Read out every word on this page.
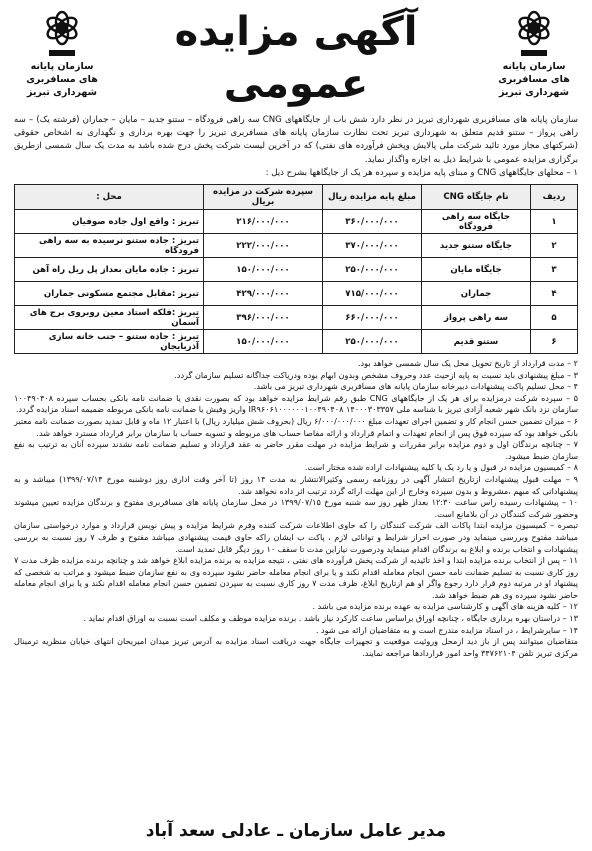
سازمان پایانه های مسافربری شهرداری تبریز
آگهی مزایده عمومی
سازمان پایانه های مسافربری شهرداری تبریز
سازمان پایانه های مسافربری شهرداری تبریز در نظر دارد شش باب از جایگاههای CNG سه راهی فرودگاه – ستنو جدید – مایان – جماران (فرشته یک) – سه راهی پرواز – ستنو قدیم متعلق به شهرداری تبریز تحت نظارت سازمان پایانه های مسافربری تبریز را جهت بهره برداری و نگهداری به اشخاص حقوقی (شرکتهای مجاز مورد تائید شرکت ملی پالایش وپخش فرآورده های نفتی) که در آخرین لیست شرکت پخش درج شده باشد به مدت یک سال شمسی ازطریق برگزاری مزایده عمومی با شرایط ذیل به اجاره واگذار نماید.
۱ – محلهای جایگاههای CNG و مبنای پایه مزایده و سپرده هر یک از جایگاهها بشرح ذیل :
ردیف	نام جایگاه CNG	مبلغ پایه مزایده ریال	سپرده شرکت در مزایده بریال	محل :
۱	جایگاه سه راهی فرودگاه	۳۶۰/۰۰۰/۰۰۰	۲۱۶/۰۰۰/۰۰۰	تبریز : واقع اول جاده صوفیان
۲	جایگاه ستنو جدید	۳۷۰/۰۰۰/۰۰۰	۲۲۲/۰۰۰/۰۰۰	تبریز : جاده ستنو نرسیده به سه راهی فرودگاه
۳	جایگاه مایان	۲۵۰/۰۰۰/۰۰۰	۱۵۰/۰۰۰/۰۰۰	تبریز : جاده مایان بعداز پل ریل راه آهن
۴	جماران	۷۱۵/۰۰۰/۰۰۰	۴۲۹/۰۰۰/۰۰۰	تبریز :مقابل مجتمع مسکونی جماران
۵	سه راهی پرواز	۶۶۰/۰۰۰/۰۰۰	۳۹۶/۰۰۰/۰۰۰	تبریز :فلکه استاد معین روبروی برج های آسمان
۶	ستنو قدیم	۲۵۰/۰۰۰/۰۰۰	۱۵۰/۰۰۰/۰۰۰	تبریز : جاده ستنو – جنب خانه سازی آذربایجان

۲ – مدت قرارداد از تاریخ تحویل محل یک سال شمسی خواهد بود.

۳ – مبلغ پیشنهادی باید نسبت به پایه ازحیث عدد وحروف مشخص وبدون ابهام بوده ودریاکت جداگانه تسلیم سازمان گردد.

۴ – محل تسلیم پاکت پیشنهادات دبیرخانه سازمان پایانه های مسافربری شهرداری تبریز می باشد.

۵ – سپرده شرکت درمزایده برای هر یک از جایگاههای CNG طبق رقم شرایط مزایده خواهد بود که بصورت نقدی یا ضمانت نامه بانکی بحساب سپرده ۱۰۰۴۹۰۴۰۸ سازمان نزد بانک شهر شعبه آزادی تبریز با شناسه ملی IR۹۶۰۶۱۰۰۰۰۰۰۱۰۰۴۹۰۴۰۸ ۱۴۰۰۰۳۰۳۳۵۷ واریز وفیش یا ضمانت نامه بانکی مربوطه ضمیمه اسناد مزایده گردد.

۶ – میزان تضمین حسن انجام کار و تضمین اجرای تعهدات مبلغ ۶/۰۰۰/۰۰۰/۰۰۰ ریال (بحروف شش میلیارد ریال) با اعتبار ۱۲ ماه و قابل تمدید بصورت ضمانت نامه معتبر بانکی خواهد بود که سپرده فوق پس از انجام تعهدات و اتمام قرارداد و ارائه مفاصا حساب های مربوطه و تسویه حساب با سازمان برابر قرارداد مسترد خواهد شد.

۷ – چنانچه برندگان اول و دوم مزایده برابر مقررات و شرایط مزایده در مهلت مقرر حاضر به عقد قرارداد و تسلیم ضمانت نامه نشدند سپرده آنان به ترتیب به نفع سازمان ضبط میشود.

۸ – کمیسیون مزایده در قبول و یا رد یک یا کلیه پیشنهادات اراده شده مختار است.

۹ – مهلت قبول پیشنهادات ازتاریخ انتشار آگهی در روزنامه رسمی وکثیرالانتشار به مدت ۱۴ روز (تا آخر وقت اداری روز دوشنبه مورخ ۱۳۹۹/۰۷/۱۴) میباشد و به پیشنهاداتی که مبهم ،مشروط و بدون سپرده وخارج از این مهلت ارائه گردد ترتیب اثر داده نخواهد شد.

۱۰ – پیشنهادات رسیده راس ساعت ۱۲:۳۰ بعداز ظهر روز سه شنبه مورخ ۱۳۹۹/۰۷/۱۵ در محل سازمان پایانه های مسافربری مفتوح و برندگان مزایده تعیین میشوند وحضور شرکت کنندگان در آن بلامانع است.

تبصره – کمیسیون مزایده ابتدا پاکات الف شرکت کنندگان را که حاوی اطلاعات شرکت کننده وفرم شرایط مزایده و پیش نویس قرارداد و موارد درخواستی سازمان میباشد مفتوح وبررسی مینماید ودر صورت احراز شرایط و توانائی لازم ، پاکت ب ایشان راکه حاوی قیمت پیشنهادی میباشد مفتوح و ظرف ۷ روز نسبت به بررسی پیشنهادات و انتخاب برنده و ابلاغ به برندگان اقدام مینماید ودرصورت نیازاین مدت تا سقف ۱۰ روز دیگر قابل تمدید است.

۱۱ – پس از انتخاب برنده مزایده ابتدا و اخذ تائیدیه از شرکت پخش فرآورده های نفتی ، نتیجه مزایده به برنده مزایده ابلاغ خواهد شد و چنانچه برنده مزایده ظرف مدت ۷ روز کاری نسبت به تسلیم ضمانت نامه حسن انجام معامله اقدام نکند و یا برای انجام معامله حاضر نشود سپرده وی به نفع سازمان ضبط میشود و مراتب به شخصی که پیشنهاد او در مرتبه دوم قرار دارد رجوع واگر او هم ازتاریخ ابلاغ، ظرف مدت ۷ روز کاری نسبت به سپردن تضمین حسن انجام معامله اقدام نکند و یا برای انجام معامله حاضر نشود سپرده وی هم ضبط خواهد شد.

۱۲ – کلیه هزینه های آگهی و کارشناسی مزایده به عهده برنده مزایده می باشد .

۱۳ – دراستان بهره برداری جایگاه ، چنانچه اوراق براساس ساعت کارکرد نیاز باشد . برنده مزایده موظف و مکلف است نسبت به اوراق اقدام نماید .

۱۴ – سایرشرایط ، در اسناد مزایده مندرج است و به متقاضیان ارائه می شود .

متقاضیان میتوانند پس از باز دید ازمحل وروئیت موقعیت و تجهیزات جایگاه جهت دریافت اسناد مزایده به آدرس تبریز میدان امیریحان انتهای خیابان منظریه ترمینال مرکزی تبریز تلفن ۳۴۷۶۲۱۰۴ واحد امور قراردادها مراجعه نمایند.

مدیر عامل سازمان ـ عادلی سعد آباد
